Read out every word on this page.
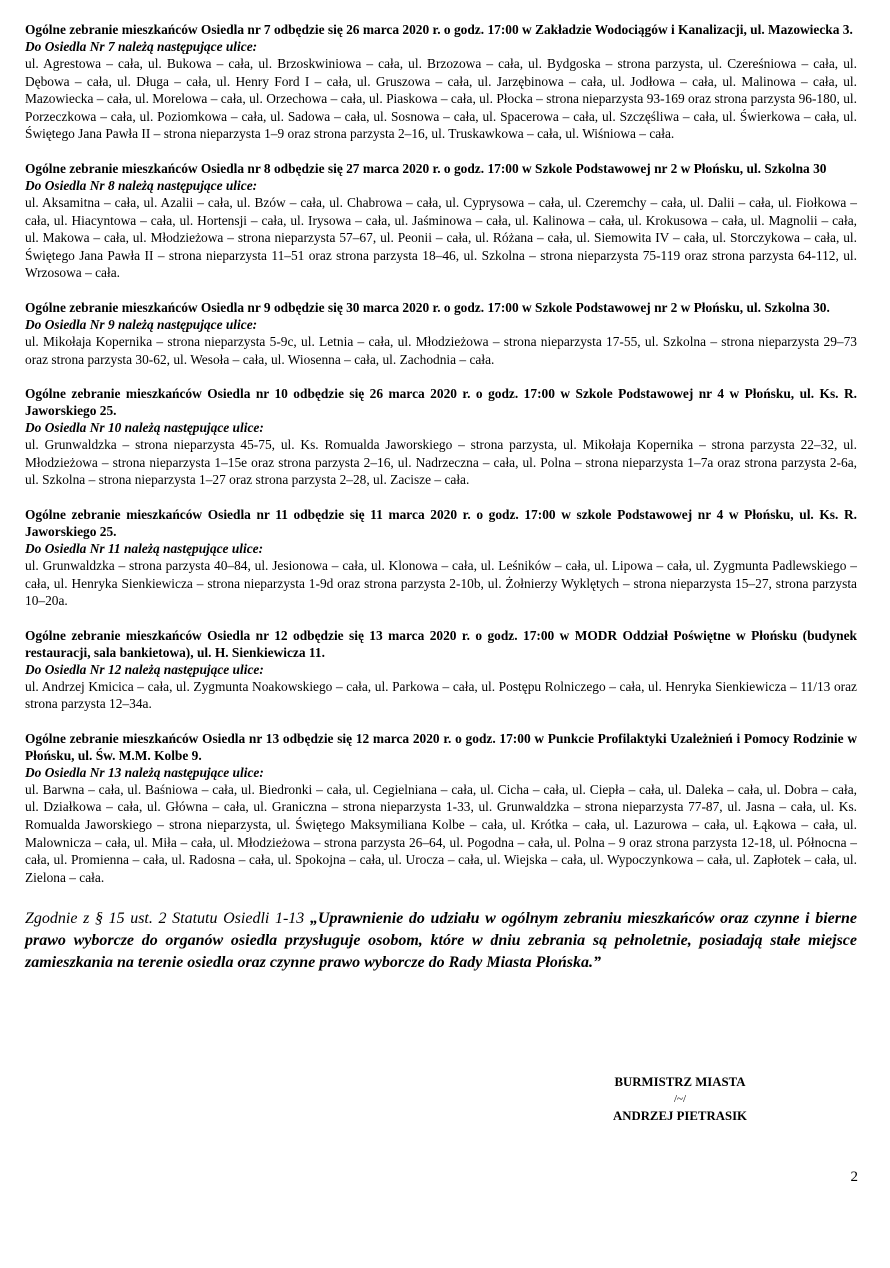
Ogólne zebranie mieszkańców Osiedla nr 7 odbędzie się 26 marca 2020 r. o godz. 17:00 w Zakładzie Wodociągów i Kanalizacji, ul. Mazowiecka 3.

Do Osiedla Nr 7 należą następujące ulice:

ul. Agrestowa – cała, ul. Bukowa – cała, ul. Brzoskwiniowa – cała, ul. Brzozowa – cała, ul. Bydgoska – strona parzysta, ul. Czereśniowa – cała, ul. Dębowa – cała, ul. Długa – cała, ul. Henry Ford I – cała, ul. Gruszowa – cała, ul. Jarzębinowa – cała, ul. Jodłowa – cała, ul. Malinowa – cała, ul. Mazowiecka – cała, ul. Morelowa – cała, ul. Orzechowa – cała, ul. Piaskowa – cała, ul. Płocka – strona nieparzysta 93-169 oraz strona parzysta 96-180, ul. Porzeczkowa – cała, ul. Poziomkowa – cała, ul. Sadowa – cała, ul. Sosnowa – cała, ul. Spacerowa – cała, ul. Szczęśliwa – cała, ul. Świerkowa – cała, ul. Świętego Jana Pawła II – strona nieparzysta 1–9 oraz strona parzysta 2–16, ul. Truskawkowa – cała, ul. Wiśniowa – cała.

Ogólne zebranie mieszkańców Osiedla nr 8 odbędzie się 27 marca 2020 r. o godz. 17:00 w Szkole Podstawowej nr 2 w Płońsku, ul. Szkolna 30

Do Osiedla Nr 8 należą następujące ulice:

ul. Aksamitna – cała, ul. Azalii – cała, ul. Bzów – cała, ul. Chabrowa – cała, ul. Cyprysowa – cała, ul. Czeremchy – cała, ul. Dalii – cała, ul. Fiołkowa – cała, ul. Hiacyntowa – cała, ul. Hortensji – cała, ul. Irysowa – cała, ul. Jaśminowa – cała, ul. Kalinowa – cała, ul. Krokusowa – cała, ul. Magnolii – cała, ul. Makowa – cała, ul. Młodzieżowa – strona nieparzysta 57–67, ul. Peonii – cała, ul. Różana – cała, ul. Siemowita IV – cała, ul. Storczykowa – cała, ul. Świętego Jana Pawła II – strona nieparzysta 11–51 oraz strona parzysta 18–46, ul. Szkolna – strona nieparzysta 75-119 oraz strona parzysta 64-112, ul. Wrzosowa – cała.

Ogólne zebranie mieszkańców Osiedla nr 9 odbędzie się 30 marca 2020 r. o godz. 17:00 w Szkole Podstawowej nr 2 w Płońsku, ul. Szkolna 30.

Do Osiedla Nr 9 należą następujące ulice:

ul. Mikołaja Kopernika – strona nieparzysta 5-9c, ul. Letnia – cała, ul. Młodzieżowa – strona nieparzysta 17-55, ul. Szkolna – strona nieparzysta 29–73 oraz strona parzysta 30-62, ul. Wesoła – cała, ul. Wiosenna – cała, ul. Zachodnia – cała.

Ogólne zebranie mieszkańców Osiedla nr 10 odbędzie się 26 marca 2020 r. o godz. 17:00 w Szkole Podstawowej nr 4 w Płońsku, ul. Ks. R. Jaworskiego 25.

Do Osiedla Nr 10 należą następujące ulice:

ul. Grunwaldzka – strona nieparzysta 45-75, ul. Ks. Romualda Jaworskiego – strona parzysta, ul. Mikołaja Kopernika – strona parzysta 22–32, ul. Młodzieżowa – strona nieparzysta 1–15e oraz strona parzysta 2–16, ul. Nadrzeczna – cała, ul. Polna – strona nieparzysta 1–7a oraz strona parzysta 2-6a, ul. Szkolna – strona nieparzysta 1–27 oraz strona parzysta 2–28, ul. Zacisze – cała.

Ogólne zebranie mieszkańców Osiedla nr 11 odbędzie się 11 marca 2020 r. o godz. 17:00 w szkole Podstawowej nr 4 w Płońsku, ul. Ks. R. Jaworskiego 25.

Do Osiedla Nr 11 należą następujące ulice:

ul. Grunwaldzka – strona parzysta 40–84, ul. Jesionowa – cała, ul. Klonowa – cała, ul. Leśników – cała, ul. Lipowa – cała, ul. Zygmunta Padlewskiego – cała, ul. Henryka Sienkiewicza – strona nieparzysta 1-9d oraz strona parzysta 2-10b, ul. Żołnierzy Wyklętych – strona nieparzysta 15–27, strona parzysta 10–20a.

Ogólne zebranie mieszkańców Osiedla nr 12 odbędzie się 13 marca 2020 r. o godz. 17:00 w MODR Oddział Poświętne w Płońsku (budynek restauracji, sala bankietowa), ul. H. Sienkiewicza 11.

Do Osiedla Nr 12 należą następujące ulice:

ul. Andrzej Kmicica – cała, ul. Zygmunta Noakowskiego – cała, ul. Parkowa – cała, ul. Postępu Rolniczego – cała, ul. Henryka Sienkiewicza – 11/13 oraz strona parzysta 12–34a.

Ogólne zebranie mieszkańców Osiedla nr 13 odbędzie się 12 marca 2020 r. o godz. 17:00 w Punkcie Profilaktyki Uzależnień i Pomocy Rodzinie w Płońsku, ul. Św. M.M. Kolbe 9.

Do Osiedla Nr 13 należą następujące ulice:

ul. Barwna – cała, ul. Baśniowa – cała, ul. Biedronki – cała, ul. Cegielniana – cała, ul. Cicha – cała, ul. Ciepła – cała, ul. Daleka – cała, ul. Dobra – cała, ul. Działkowa – cała, ul. Główna – cała, ul. Graniczna – strona nieparzysta 1-33, ul. Grunwaldzka – strona nieparzysta 77-87, ul. Jasna – cała, ul. Ks. Romualda Jaworskiego – strona nieparzysta, ul. Świętego Maksymiliana Kolbe – cała, ul. Krótka – cała, ul. Lazurowa – cała, ul. Łąkowa – cała, ul. Malownicza – cała, ul. Miła – cała, ul. Młodzieżowa – strona parzysta 26–64, ul. Pogodna – cała, ul. Polna – 9 oraz strona parzysta 12-18, ul. Północna – cała, ul. Promienna – cała, ul. Radosna – cała, ul. Spokojna – cała, ul. Urocza – cała, ul. Wiejska – cała, ul. Wypoczynkowa – cała, ul. Zapłotek – cała, ul. Zielona – cała.

Zgodnie z § 15 ust. 2 Statutu Osiedli 1-13 „Uprawnienie do udziału w ogólnym zebraniu mieszkańców oraz czynne i bierne prawo wyborcze do organów osiedla przysługuje osobom, które w dniu zebrania są pełnoletnie, posiadają stałe miejsce zamieszkania na terenie osiedla oraz czynne prawo wyborcze do Rady Miasta Płońska.”

BURMISTRZ MIASTA
/~/
ANDRZEJ PIETRASIK
2
